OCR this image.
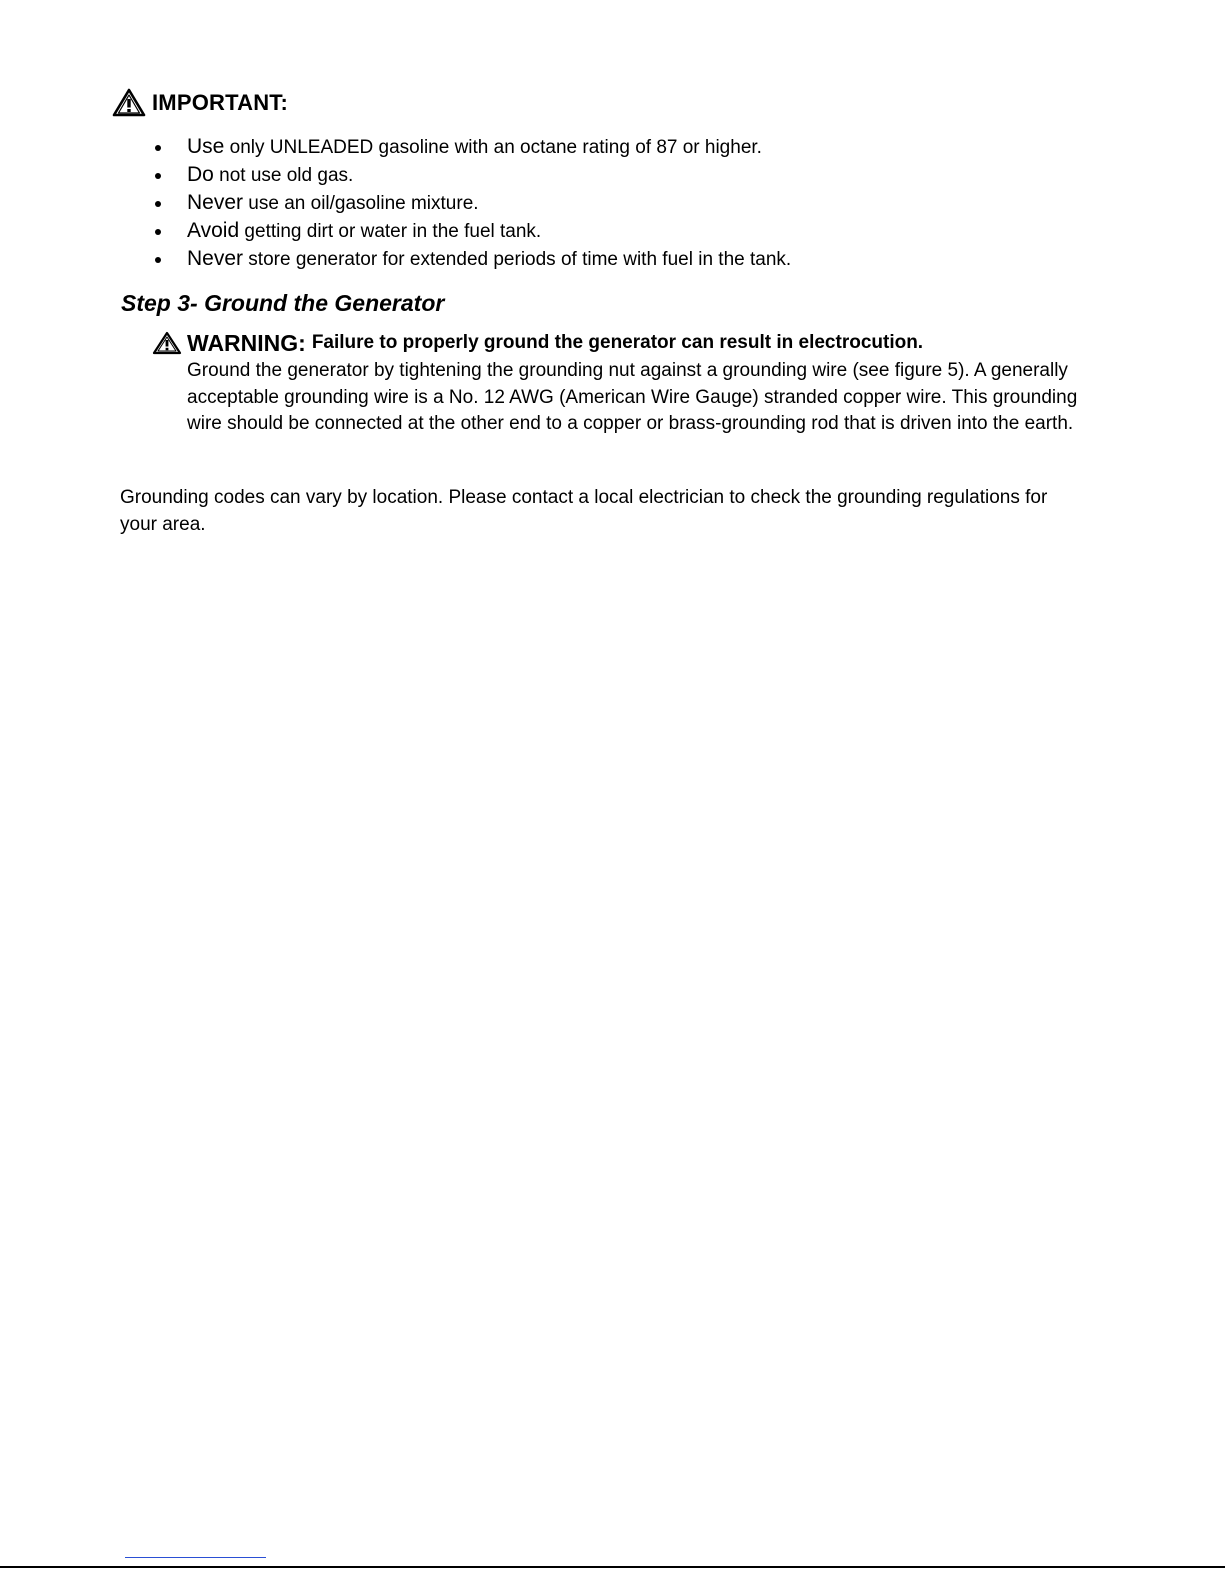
IMPORTANT:
Use only UNLEADED gasoline with an octane rating of 87 or higher.
Do not use old gas.
Never use an oil/gasoline mixture.
Avoid getting dirt or water in the fuel tank.
Never store generator for extended periods of time with fuel in the tank.
Step 3- Ground the Generator
WARNING: Failure to properly ground the generator can result in electrocution.

Ground the generator by tightening the grounding nut against a grounding wire (see figure 5). A generally acceptable grounding wire is a No. 12 AWG (American Wire Gauge) stranded copper wire. This grounding wire should be connected at the other end to a copper or brass-grounding rod that is driven into the earth.

Grounding codes can vary by location. Please contact a local electrician to check the grounding regulations for your area.
